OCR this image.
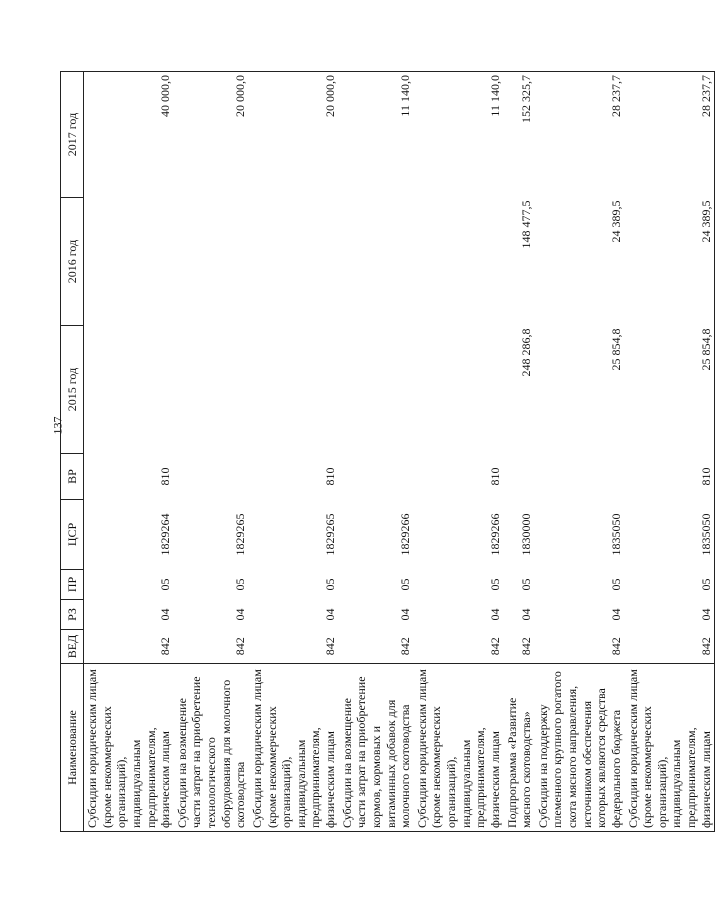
137
Наименование	ВЕД	РЗ	ПР	ЦСР	ВР	2015 год	2016 год	2017 год
Субсидии юридическим лицам (кроме некоммерческих организаций), индивидуальным предпринимателям, физическим лицам	842	04	05	1829264	810			40 000,0
Субсидии на возмещение части затрат на приобретение технологического оборудования для молочного скотоводства	842	04	05	1829265				20 000,0
Субсидии юридическим лицам (кроме некоммерческих организаций), индивидуальным предпринимателям, физическим лицам	842	04	05	1829265	810			20 000,0
Субсидии на возмещение части затрат на приобретение кормов, кормовых и витаминных добавок для молочного скотоводства	842	04	05	1829266				11 140,0
Субсидии юридическим лицам (кроме некоммерческих организаций), индивидуальным предпринимателям, физическим лицам	842	04	05	1829266	810			11 140,0
Подпрограмма «Развитие мясного скотоводства»	842	04	05	1830000		248 286,8	148 477,5	152 325,7
Субсидии на поддержку племенного крупного рогатого скота мясного направления, источником обеспечения которых являются средства федерального бюджета	842	04	05	1835050		25 854,8	24 389,5	28 237,7
Субсидии юридическим лицам (кроме некоммерческих организаций), индивидуальным предпринимателям, физическим лицам	842	04	05	1835050	810	25 854,8	24 389,5	28 237,7
